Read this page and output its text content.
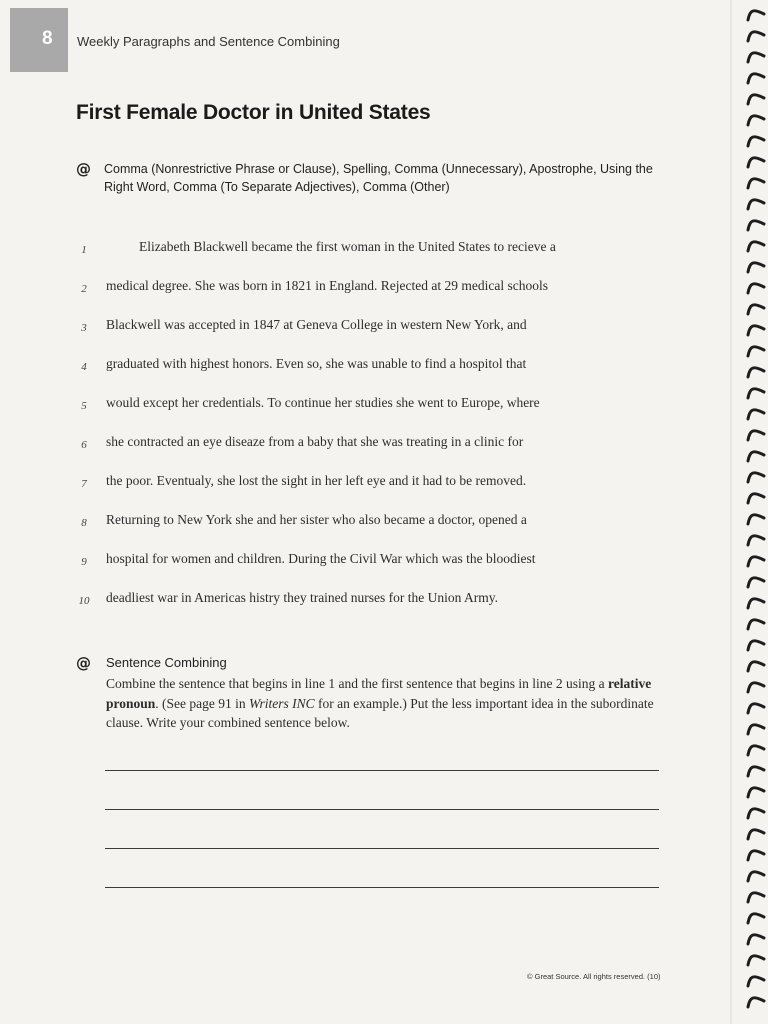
8 Weekly Paragraphs and Sentence Combining
First Female Doctor in United States
@ Comma (Nonrestrictive Phrase or Clause), Spelling, Comma (Unnecessary), Apostrophe, Using the Right Word, Comma (To Separate Adjectives), Comma (Other)
1	Elizabeth Blackwell became the first woman in the United States to recieve a
2	medical degree. She was born in 1821 in England. Rejected at 29 medical schools
3	Blackwell was accepted in 1847 at Geneva College in western New York, and
4	graduated with highest honors. Even so, she was unable to find a hospitol that
5	would except her credentials. To continue her studies she went to Europe, where
6	she contracted an eye diseaze from a baby that she was treating in a clinic for
7	the poor. Eventualy, she lost the sight in her left eye and it had to be removed.
8	Returning to New York she and her sister who also became a doctor, opened a
9	hospital for women and children. During the Civil War which was the bloodiest
10 deadliest war in Americas histry they trained nurses for the Union Army.
@ Sentence Combining
Combine the sentence that begins in line 1 and the first sentence that begins in line 2 using a relative pronoun. (See page 91 in Writers INC for an example.) Put the less important idea in the subordinate clause. Write your combined sentence below.
© Great Source. All rights reserved. (10)
